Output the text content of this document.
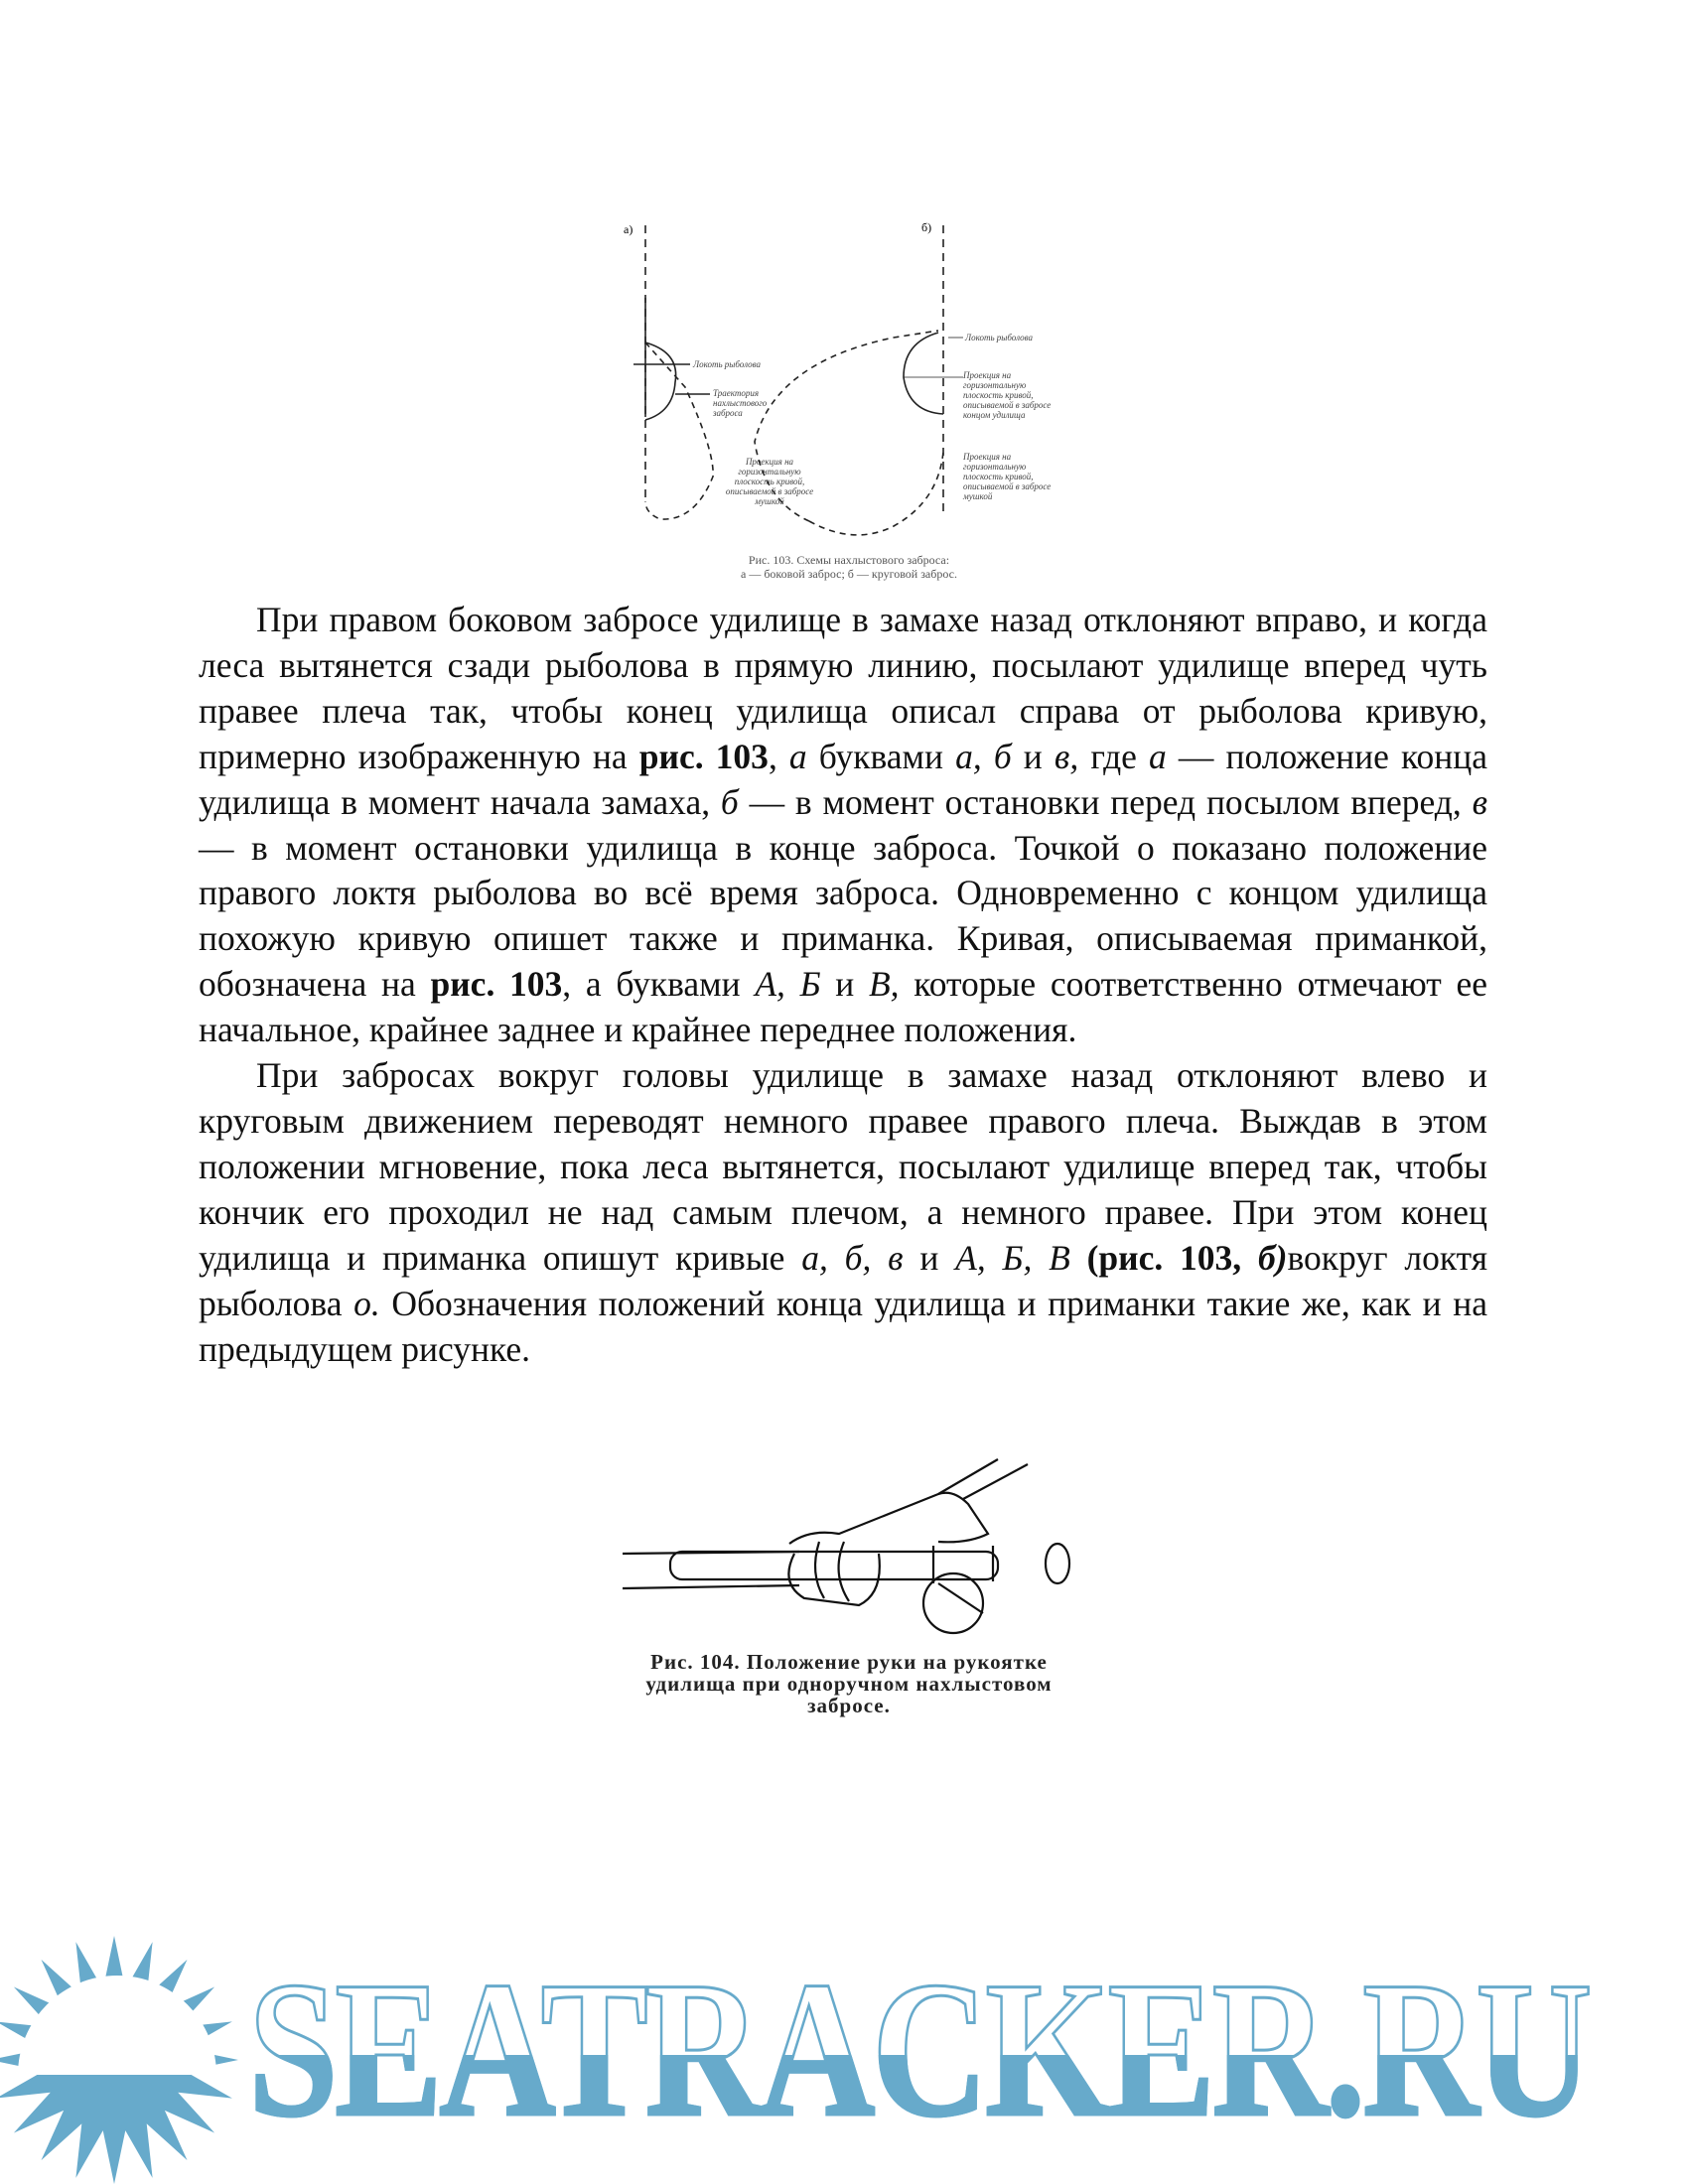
а)	б)
Локоть рыболова
Траектория нахлыстового заброса
Проекция на горизонтальную плоскость кривой, описываемой в забросе мушкой
Локоть рыболова
Проекция на горизонтальную плоскость кривой, описываемой в забросе концом удилища
Проекция на горизонтальную плоскость кривой, описываемой в забросе мушкой
Рис. 103. Схемы нахлыстового заброса:
а — боковой заброс; б — круговой заброс.

При правом боковом забросе удилище в замахе назад отклоняют вправо, и когда леса вытянется сзади рыболова в прямую линию, посылают удилище вперед чуть правее плеча так, чтобы конец удилища описал справа от рыболова кривую, примерно изображенную на рис. 103, а буквами а, б и в, где а — положение конца удилища в момент начала замаха, б — в момент остановки перед посылом вперед, в — в момент остановки удилища в конце заброса. Точкой о показано положение правого локтя рыболова во всё время заброса. Одновременно с концом удилища похожую кривую опишет также и приманка. Кривая, описываемая приманкой, обозначена на рис. 103, а буквами А, Б и В, которые соответственно отмечают ее начальное, крайнее заднее и крайнее переднее положения.

При забросах вокруг головы удилище в замахе назад отклоняют влево и круговым движением переводят немного правее правого плеча. Выждав в этом положении мгновение, пока леса вытянется, посылают удилище вперед так, чтобы кончик его проходил не над самым плечом, а немного правее. При этом конец удилища и приманка опишут кривые а, б, в и А, Б, В (рис. 103, б)вокруг локтя рыболова о. Обозначения положений конца удилища и приманки такие же, как и на предыдущем рисунке.

Рис. 104. Положение руки на рукоятке
удилища при одноручном нахлыстовом
забросе.
SEATRACKER.RU
